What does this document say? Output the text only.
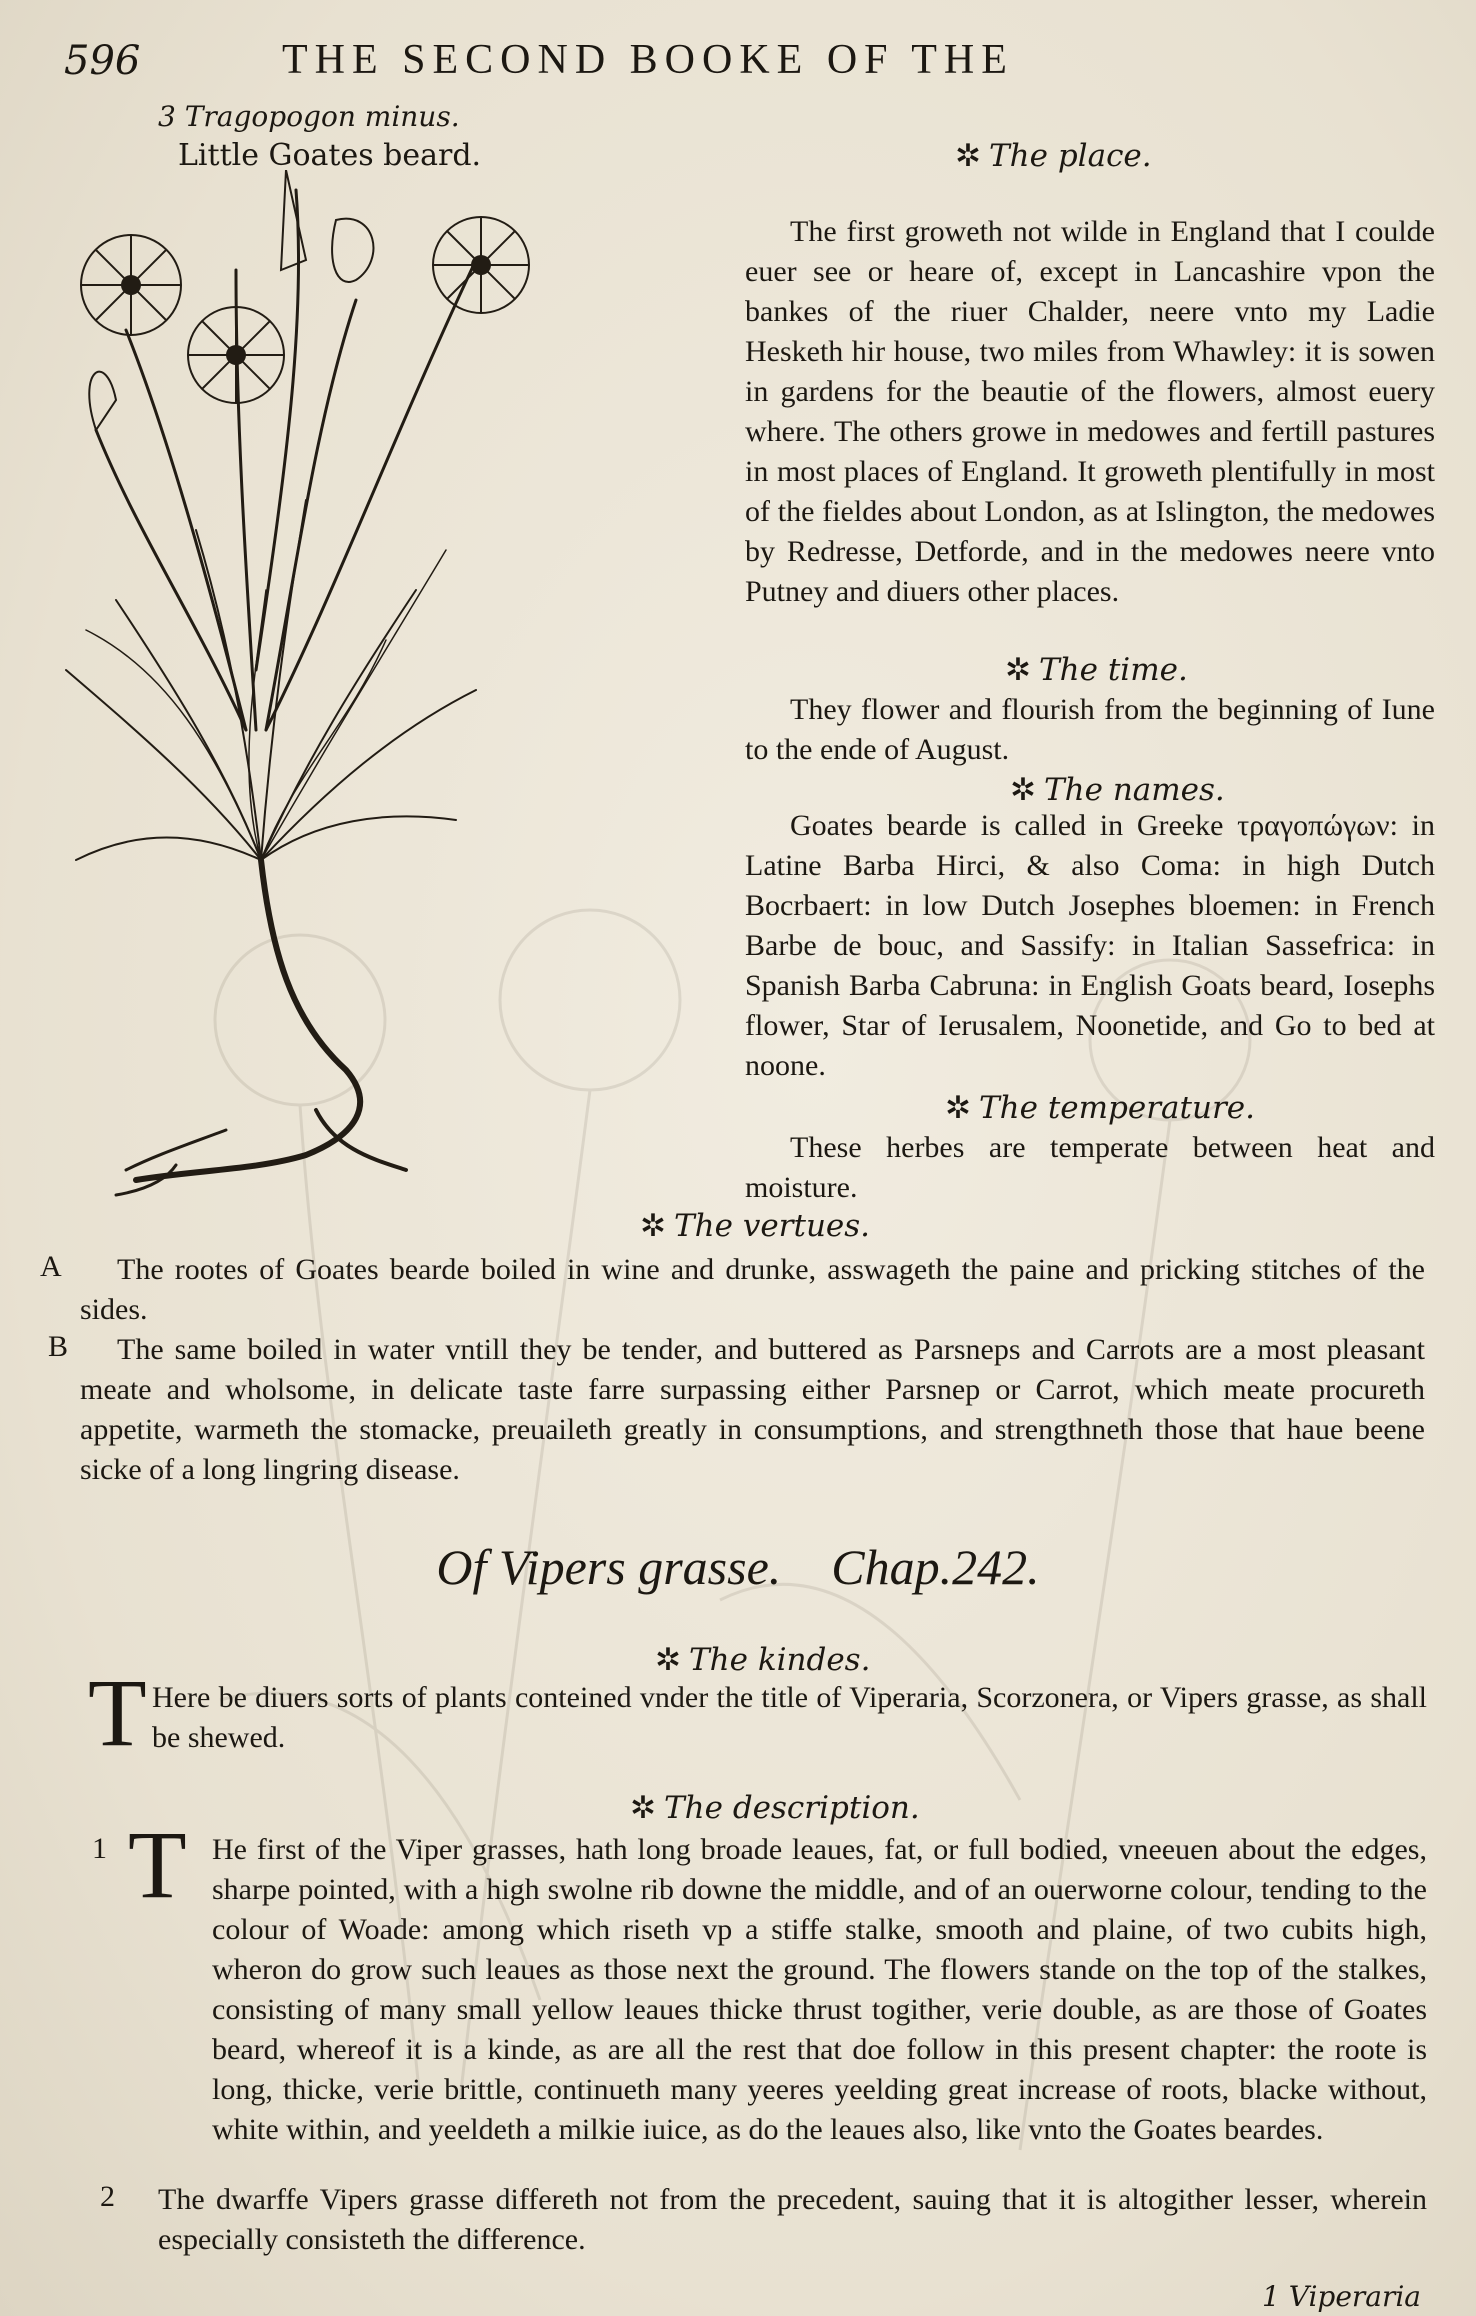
596	THE SECOND BOOKE OF THE
3 Tragopogon minus.
Little Goates beard.	✲ The place.

The first groweth not wilde in England that I coulde euer see or heare of, except in Lancashire vpon the bankes of the riuer Chalder, neere vnto my Ladie Hesketh hir house, two miles from Whawley: it is sowen in gardens for the beautie of the flowers, almost euery where. The others growe in medowes and fertill pastures in most places of England. It groweth plentifully in most of the fieldes about London, as at Islington, the medowes by Redresse, Detforde, and in the medowes neere vnto Putney and diuers other places.

✲ The time.

They flower and flourish from the beginning of Iune to the ende of August.

✲ The names.

Goates bearde is called in Greeke τραγοπώγων: in Latine Barba Hirci, & also Coma: in high Dutch Bocrbaert: in low Dutch Josephes bloemen: in French Barbe de bouc, and Sassify: in Italian Sassefrica: in Spanish Barba Cabruna: in English Goats beard, Iosephs flower, Star of Ierusalem, Noonetide, and Go to bed at noone.

✲ The temperature.

These herbes are temperate between heat and moisture.

✲ The vertues.
A	The rootes of Goates bearde boiled in wine and drunke, asswageth the paine and pricking stitches of the sides.

B	The same boiled in water vntill they be tender, and buttered as Parsneps and Carrots are a most pleasant meate and wholsome, in delicate taste farre surpassing either Parsnep or Carrot, which meate procureth appetite, warmeth the stomacke, preuaileth greatly in consumptions, and strengthneth those that haue beene sicke of a long lingring disease.

Of Vipers grasse. Chap.242.
✲ The kindes.
T Here be diuers sorts of plants conteined vnder the title of Viperaria, Scorzonera, or Vipers grasse, as shall be shewed.

✲ The description.
1 T He first of the Viper grasses, hath long broade leaues, fat, or full bodied, vneeuen about the edges, sharpe pointed, with a high swolne rib downe the middle, and of an ouerworne colour, tending to the colour of Woade: among which riseth vp a stiffe stalke, smooth and plaine, of two cubits high, wheron do grow such leaues as those next the ground. The flowers stande on the top of the stalkes, consisting of many small yellow leaues thicke thrust togither, verie double, as are those of Goates beard, whereof it is a kinde, as are all the rest that doe follow in this present chapter: the roote is long, thicke, verie brittle, continueth many yeeres yeelding great increase of roots, blacke without, white within, and yeeldeth a milkie iuice, as do the leaues also, like vnto the Goates beardes.

2 The dwarffe Vipers grasse differeth not from the precedent, sauing that it is altogither lesser, wherein especially consisteth the difference.

1 Viperaria
